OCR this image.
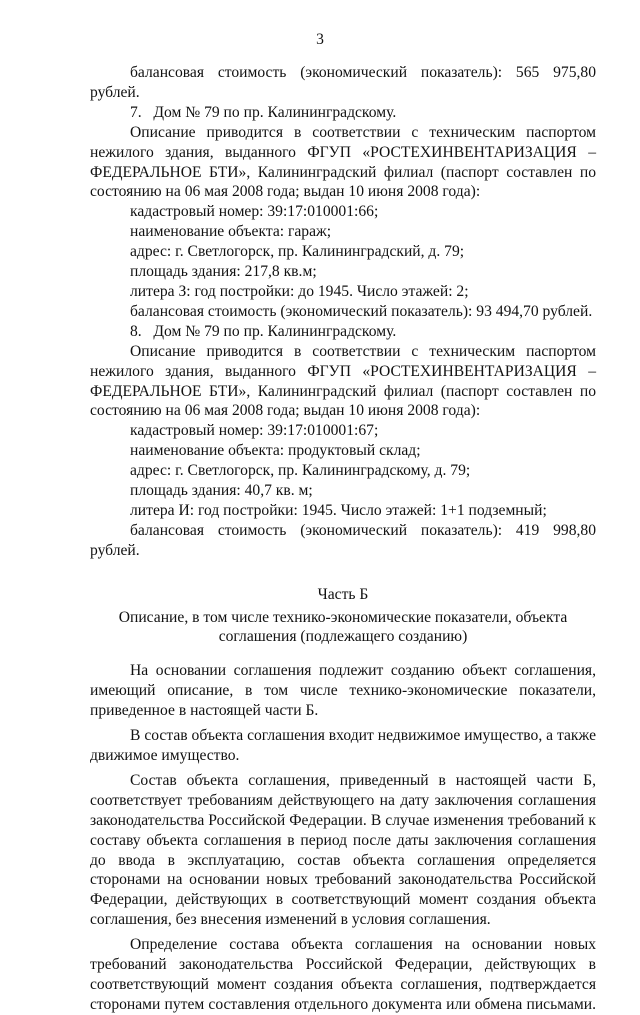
3

балансовая стоимость (экономический показатель): 565 975,80 рублей.

7.   Дом № 79 по пр. Калининградскому.

Описание приводится в соответствии с техническим паспортом нежилого здания, выданного ФГУП «РОСТЕХИНВЕНТАРИЗАЦИЯ – ФЕДЕРАЛЬНОЕ БТИ», Калининградский филиал (паспорт составлен по состоянию на 06 мая 2008 года; выдан 10 июня 2008 года):

кадастровый номер: 39:17:010001:66;

наименование объекта: гараж;

адрес: г. Светлогорск, пр. Калининградский, д. 79;

площадь здания: 217,8 кв.м;

литера З: год постройки: до 1945. Число этажей: 2;

балансовая стоимость (экономический показатель): 93 494,70 рублей.

8.   Дом № 79 по пр. Калининградскому.

Описание приводится в соответствии с техническим паспортом нежилого здания, выданного ФГУП «РОСТЕХИНВЕНТАРИЗАЦИЯ – ФЕДЕРАЛЬНОЕ БТИ», Калининградский филиал (паспорт составлен по состоянию на 06 мая 2008 года; выдан 10 июня 2008 года):

кадастровый номер: 39:17:010001:67;

наименование объекта: продуктовый склад;

адрес: г. Светлогорск, пр. Калининградскому, д. 79;

площадь здания: 40,7 кв. м;

литера И: год постройки: 1945. Число этажей: 1+1 подземный;

балансовая стоимость (экономический показатель): 419 998,80 рублей.

Часть Б

Описание, в том числе технико-экономические показатели, объекта соглашения (подлежащего созданию)

На основании соглашения подлежит созданию объект соглашения, имеющий описание, в том числе технико-экономические показатели, приведенное в настоящей части Б.

В состав объекта соглашения входит недвижимое имущество, а также движимое имущество.

Состав объекта соглашения, приведенный в настоящей части Б, соответствует требованиям действующего на дату заключения соглашения законодательства Российской Федерации. В случае изменения требований к составу объекта соглашения в период после даты заключения соглашения до ввода в эксплуатацию, состав объекта соглашения определяется сторонами на основании новых требований законодательства Российской Федерации, действующих в соответствующий момент создания объекта соглашения, без внесения изменений в условия соглашения.

Определение состава объекта соглашения на основании новых требований законодательства Российской Федерации, действующих в соответствующий момент создания объекта соглашения, подтверждается сторонами путем составления отдельного документа или обмена письмами.
